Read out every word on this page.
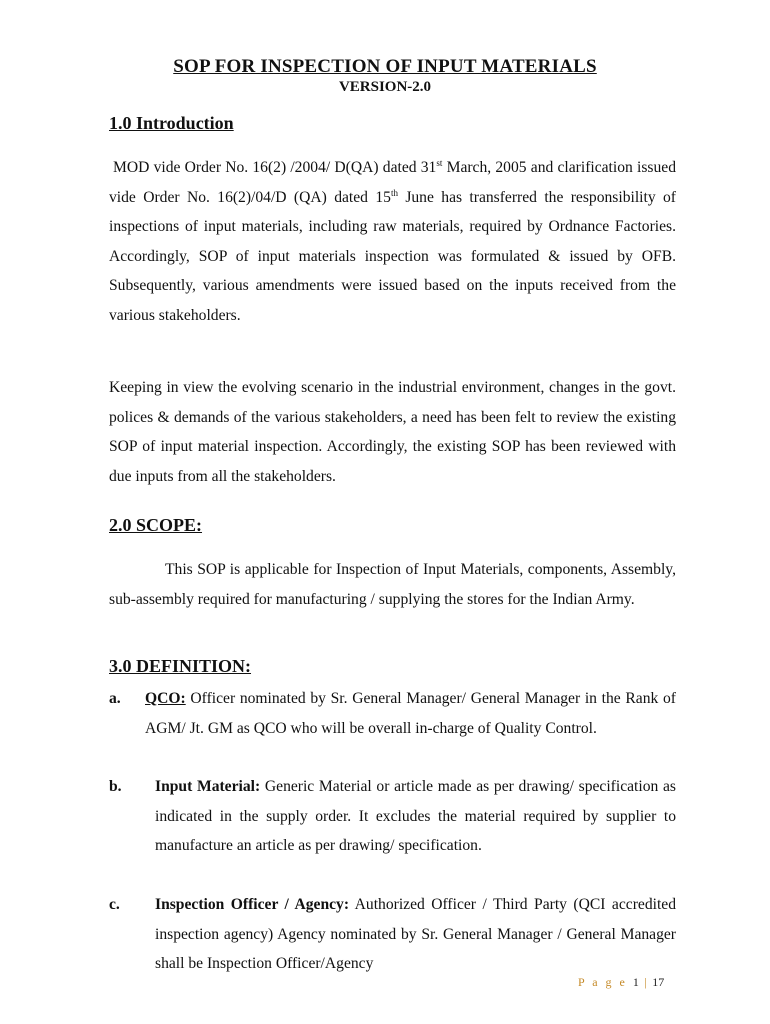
SOP FOR INSPECTION OF INPUT MATERIALS
VERSION-2.0
1.0 Introduction

MOD vide Order No. 16(2) /2004/ D(QA) dated 31st March, 2005 and clarification issued vide Order No. 16(2)/04/D (QA) dated 15th June has transferred the responsibility of inspections of input materials, including raw materials, required by Ordnance Factories. Accordingly, SOP of input materials inspection was formulated & issued by OFB. Subsequently, various amendments were issued based on the inputs received from the various stakeholders.

Keeping in view the evolving scenario in the industrial environment, changes in the govt. polices & demands of the various stakeholders, a need has been felt to review the existing SOP of input material inspection. Accordingly, the existing SOP has been reviewed with due inputs from all the stakeholders.

2.0 SCOPE:

This SOP is applicable for Inspection of Input Materials, components, Assembly, sub-assembly required for manufacturing / supplying the stores for the Indian Army.

3.0 DEFINITION:
a. QCO: Officer nominated by Sr. General Manager/ General Manager in the Rank of AGM/ Jt. GM as QCO who will be overall in-charge of Quality Control.

b. Input Material: Generic Material or article made as per drawing/ specification as indicated in the supply order. It excludes the material required by supplier to manufacture an article as per drawing/ specification.

c. Inspection Officer / Agency: Authorized Officer / Third Party (QCI accredited inspection agency) Agency nominated by Sr. General Manager / General Manager shall be Inspection Officer/Agency

P a g e 1 | 17
